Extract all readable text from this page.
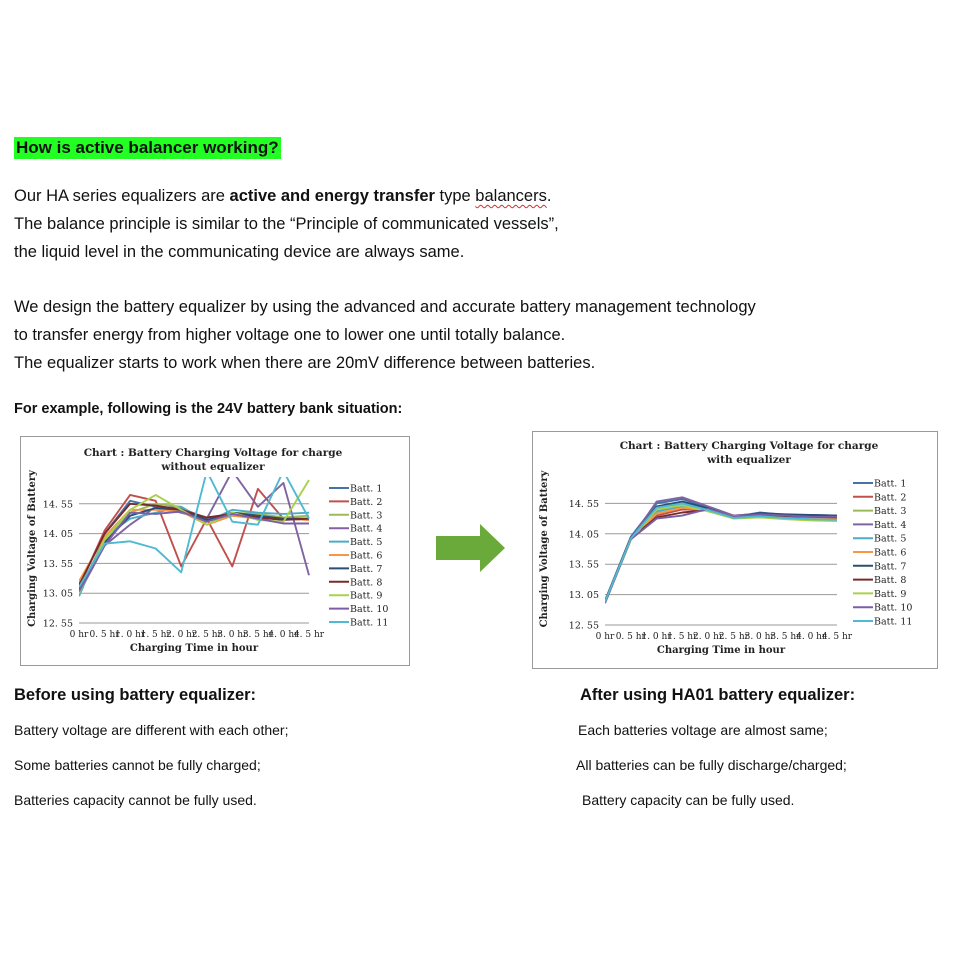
How is active balancer working?
Our HA series equalizers are active and energy transfer type balancers.
The balance principle is similar to the “Principle of communicated vessels”,
the liquid level in the communicating device are always same.
We design the battery equalizer by using the advanced and accurate battery management technology
to transfer energy from higher voltage one to lower one until totally balance.
The equalizer starts to work when there are 20mV difference between batteries.
For example, following is the 24V battery bank situation:
Chart : Battery Charging Voltage for charge
without equalizer
12. 55
13. 05
13. 55
14. 05
14. 55
0 hr 0. 5 hr
1. 0 hr
1. 5 hr
2. 0 hr
2. 5 hr
3. 0 hr
3. 5 hr
4. 0 hr
4. 5 hr
Charging Time in hour
Charging Voltage of Battery	Batt. 1
Batt. 2
Batt. 3
Batt. 4
Batt. 5
Batt. 6
Batt. 7
Batt. 8
Batt. 9
Batt. 10
Batt. 11
Chart : Battery Charging Voltage for charge
with equalizer
12. 55
13. 05
13. 55
14. 05
14. 55
0 hr 0. 5 hr
1. 0 hr
1. 5 hr
2. 0 hr
2. 5 hr
3. 0 hr
3. 5 hr
4. 0 hr
4. 5 hr
Charging Time in hour
Charging Voltage of Battery	Batt. 1
Batt. 2
Batt. 3
Batt. 4
Batt. 5
Batt. 6
Batt. 7
Batt. 8
Batt. 9
Batt. 10
Batt. 11
Before using battery equalizer:
Battery voltage are different with each other;
Some batteries cannot be fully charged;
Batteries capacity cannot be fully used.
After using HA01 battery equalizer:
Each batteries voltage are almost same;
All batteries can be fully discharge/charged;
Battery capacity can be fully used.
